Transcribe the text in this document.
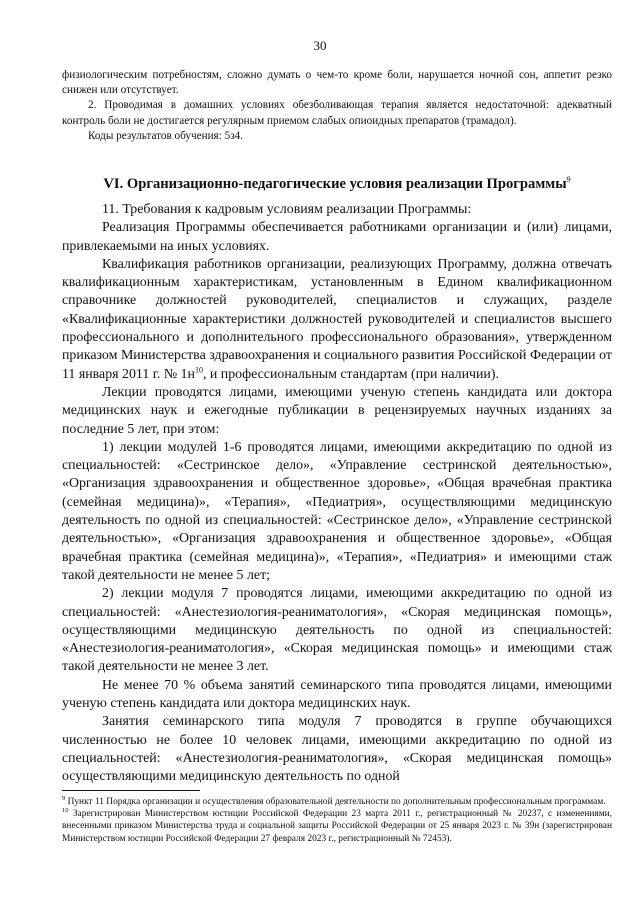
30

физиологическим потребностям, сложно думать о чем-то кроме боли, нарушается ночной сон, аппетит резко снижен или отсутствует.

2. Проводимая в домашних условиях обезболивающая терапия является недостаточной: адекватный контроль боли не достигается регулярным приемом слабых опиоидных препаратов (трамадол).

Коды результатов обучения: 5з4.

VI. Организационно-педагогические условия реализации Программы$^9$

11. Требования к кадровым условиям реализации Программы:

Реализация Программы обеспечивается работниками организации и (или) лицами, привлекаемыми на иных условиях.

Квалификация работников организации, реализующих Программу, должна отвечать квалификационным характеристикам, установленным в Едином квалификационном справочнике должностей руководителей, специалистов и служащих, разделе «Квалификационные характеристики должностей руководителей и специалистов высшего профессионального и дополнительного профессионального образования», утвержденном приказом Министерства здравоохранения и социального развития Российской Федерации от 11 января 2011 г. № $1н^{10}$, и профессиональным стандартам (при наличии).

Лекции проводятся лицами, имеющими ученую степень кандидата или доктора медицинских наук и ежегодные публикации в рецензируемых научных изданиях за последние 5 лет, при этом:

1) лекции модулей 1-6 проводятся лицами, имеющими аккредитацию по одной из специальностей: «Сестринское дело», «Управление сестринской деятельностью», «Организация здравоохранения и общественное здоровье», «Общая врачебная практика (семейная медицина)», «Терапия», «Педиатрия», осуществляющими медицинскую деятельность по одной из специальностей: «Сестринское дело», «Управление сестринской деятельностью», «Организация здравоохранения и общественное здоровье», «Общая врачебная практика (семейная медицина)», «Терапия», «Педиатрия» и имеющими стаж такой деятельности не менее 5 лет;

2) лекции модуля 7 проводятся лицами, имеющими аккредитацию по одной из специальностей: «Анестезиология-реаниматология», «Скорая медицинская помощь», осуществляющими медицинскую деятельность по одной из специальностей: «Анестезиология-реаниматология», «Скорая медицинская помощь» и имеющими стаж такой деятельности не менее 3 лет.

Не менее 70 % объема занятий семинарского типа проводятся лицами, имеющими ученую степень кандидата или доктора медицинских наук.

Занятия семинарского типа модуля 7 проводятся в группе обучающихся численностью не более 10 человек лицами, имеющими аккредитацию по одной из специальностей: «Анестезиология-реаниматология», «Скорая медицинская помощь» осуществляющими медицинскую деятельность по одной

$^9$ Пункт 11 Порядка организации и осуществления образовательной деятельности по дополнительным профессиональным программам.

$^{10}$ Зарегистрирован Министерством юстиции Российской Федерации 23 марта 2011 г., регистрационный № 20237, с изменениями, внесенными приказом Министерства труда и социальной защиты Российской Федерации от 25 января 2023 г. № 39н (зарегистрирован Министерством юстиции Российской Федерации 27 февраля 2023 г., регистрационный № 72453).
